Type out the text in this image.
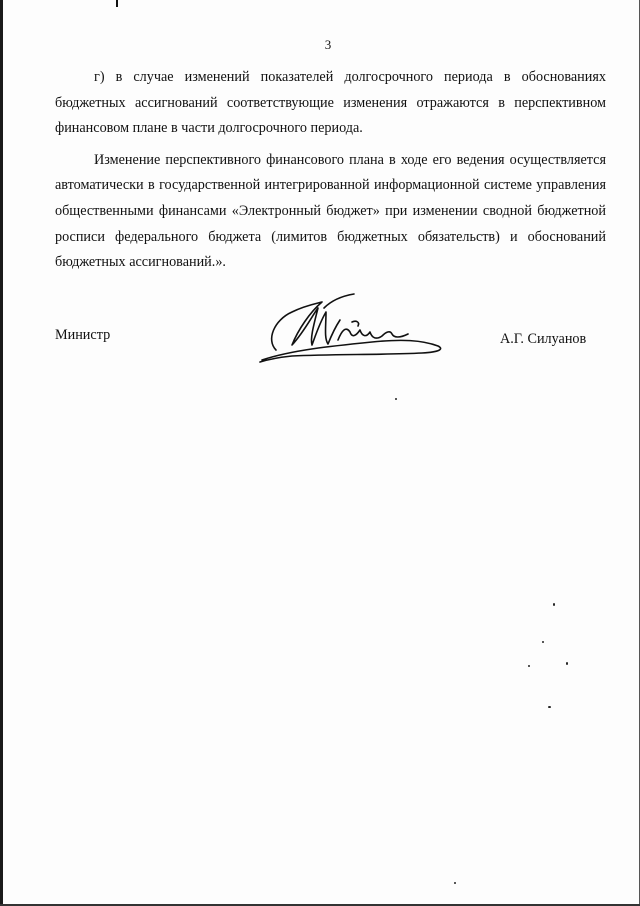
3

г) в случае изменений показателей долгосрочного периода в обоснованиях бюджетных ассигнований соответствующие изменения отражаются в перспективном финансовом плане в части долгосрочного периода.

Изменение перспективного финансового плана в ходе его ведения осуществляется автоматически в государственной интегрированной информационной системе управления общественными финансами «Электронный бюджет» при изменении сводной бюджетной росписи федерального бюджета (лимитов бюджетных обязательств) и обоснований бюджетных ассигнований.».

Министр	А.Г. Силуанов
